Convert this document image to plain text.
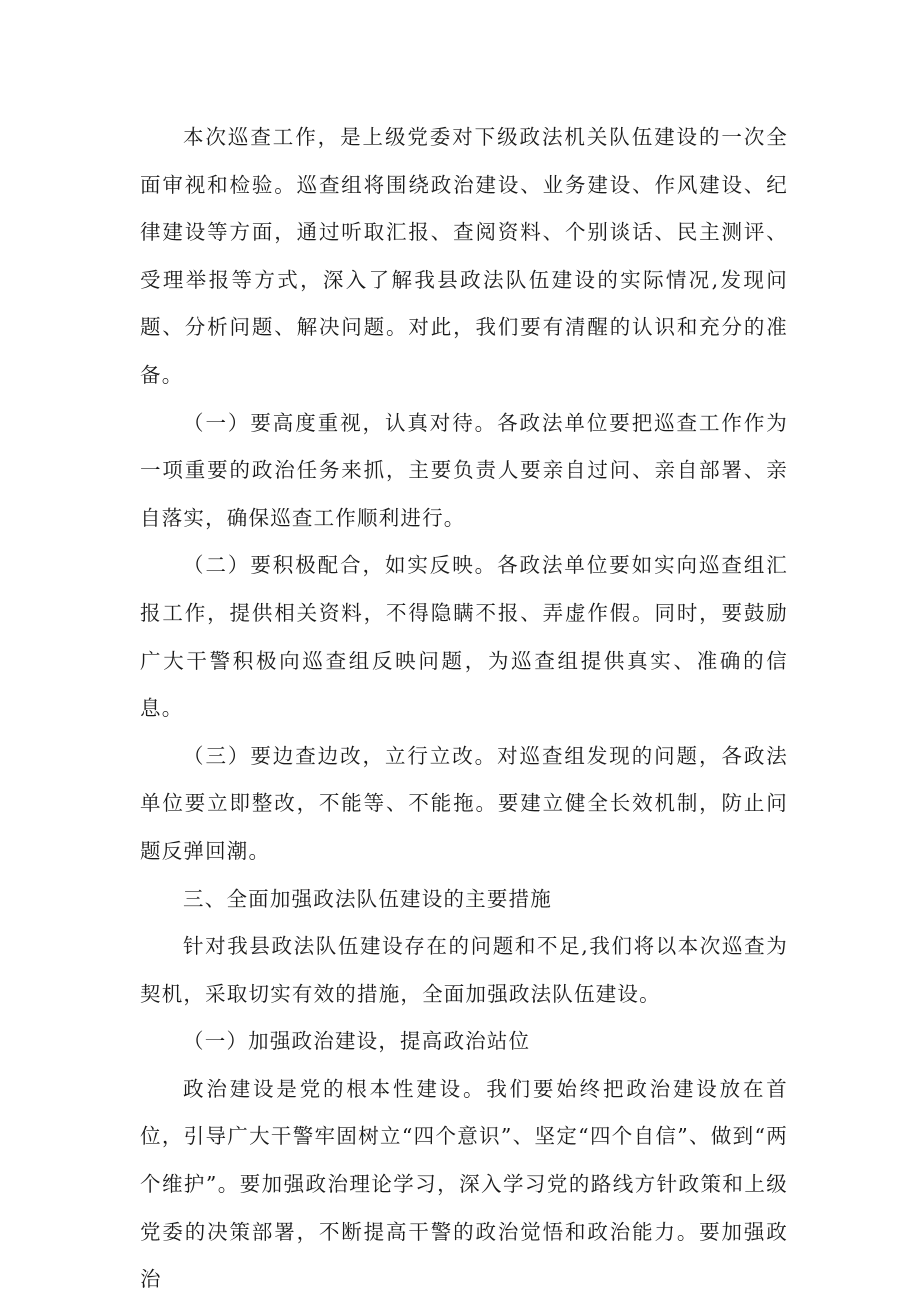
本次巡查工作，是上级党委对下级政法机关队伍建设的一次全面审视和检验。巡查组将围绕政治建设、业务建设、作风建设、纪律建设等方面，通过听取汇报、查阅资料、个别谈话、民主测评、受理举报等方式，深入了解我县政法队伍建设的实际情况,发现问题、分析问题、解决问题。对此，我们要有清醒的认识和充分的准备。

（一）要高度重视，认真对待。各政法单位要把巡查工作作为一项重要的政治任务来抓，主要负责人要亲自过问、亲自部署、亲自落实，确保巡查工作顺利进行。

（二）要积极配合，如实反映。各政法单位要如实向巡查组汇报工作，提供相关资料，不得隐瞒不报、弄虚作假。同时，要鼓励广大干警积极向巡查组反映问题，为巡查组提供真实、准确的信息。

（三）要边查边改，立行立改。对巡查组发现的问题，各政法单位要立即整改，不能等、不能拖。要建立健全长效机制，防止问题反弹回潮。

三、全面加强政法队伍建设的主要措施

针对我县政法队伍建设存在的问题和不足,我们将以本次巡查为契机，采取切实有效的措施，全面加强政法队伍建设。

（一）加强政治建设，提高政治站位

政治建设是党的根本性建设。我们要始终把政治建设放在首位，引导广大干警牢固树立“四个意识”、坚定“四个自信”、做到“两个维护”。要加强政治理论学习，深入学习党的路线方针政策和上级党委的决策部署，不断提高干警的政治觉悟和政治能力。要加强政治
